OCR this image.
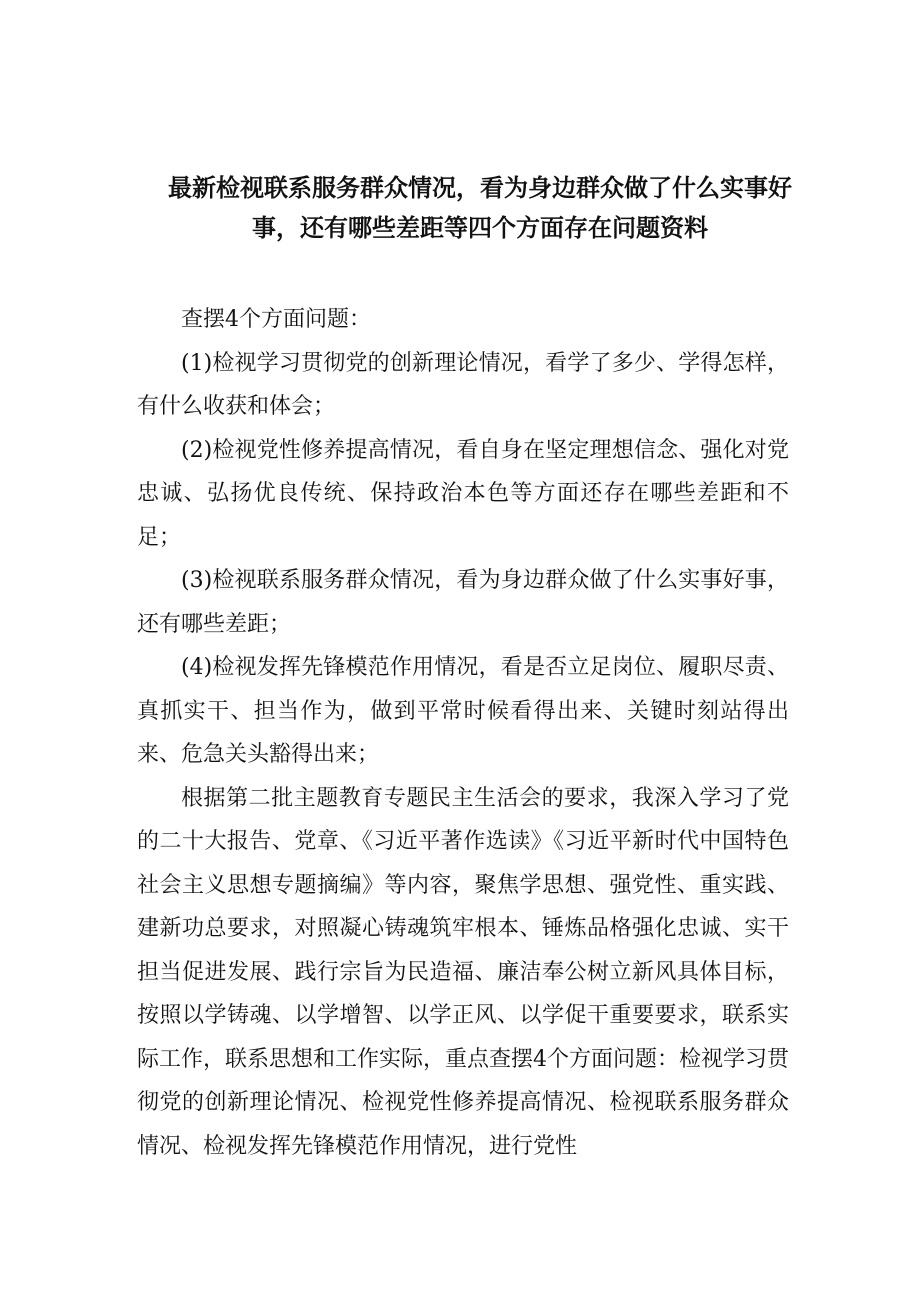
最新检视联系服务群众情况，看为身边群众做了什么实事好事，还有哪些差距等四个方面存在问题资料

查摆4个方面问题：

(1)检视学习贯彻党的创新理论情况，看学了多少、学得怎样，有什么收获和体会；

(2)检视党性修养提高情况，看自身在坚定理想信念、强化对党忠诚、弘扬优良传统、保持政治本色等方面还存在哪些差距和不足；

(3)检视联系服务群众情况，看为身边群众做了什么实事好事，还有哪些差距；

(4)检视发挥先锋模范作用情况，看是否立足岗位、履职尽责、真抓实干、担当作为，做到平常时候看得出来、关键时刻站得出来、危急关头豁得出来；

根据第二批主题教育专题民主生活会的要求，我深入学习了党的二十大报告、党章、《习近平著作选读》《习近平新时代中国特色社会主义思想专题摘编》等内容，聚焦学思想、强党性、重实践、建新功总要求，对照凝心铸魂筑牢根本、锤炼品格强化忠诚、实干担当促进发展、践行宗旨为民造福、廉洁奉公树立新风具体目标，按照以学铸魂、以学增智、以学正风、以学促干重要要求，联系实际工作，联系思想和工作实际，重点查摆4个方面问题：检视学习贯彻党的创新理论情况、检视党性修养提高情况、检视联系服务群众情况、检视发挥先锋模范作用情况，进行党性
